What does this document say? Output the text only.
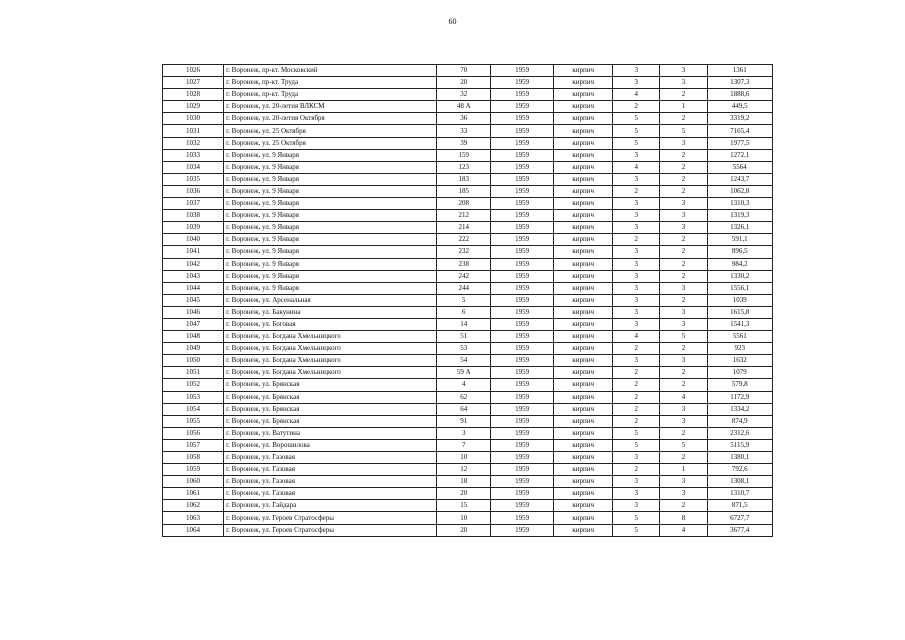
60
1026	г. Воронеж, пр-кт. Московский	70	1959	кирпич	3	3	1361
1027	г. Воронеж, пр-кт. Труда	20	1959	кирпич	3	3	1307,3
1028	г. Воронеж, пр-кт. Труда	32	1959	кирпич	4	2	1888,6
1029	г. Воронеж, ул. 20-летия ВЛКСМ	48 А	1959	кирпич	2	1	449,5
1030	г. Воронеж, ул. 20-летия Октября	36	1959	кирпич	5	2	3319,2
1031	г. Воронеж, ул. 25 Октября	33	1959	кирпич	5	5	7165,4
1032	г. Воронеж, ул. 25 Октября	39	1959	кирпич	5	3	1977,5
1033	г. Воронеж, ул. 9 Января	159	1959	кирпич	3	2	1272,1
1034	г. Воронеж, ул. 9 Января	123	1959	кирпич	4	2	5564
1035	г. Воронеж, ул. 9 Января	183	1959	кирпич	3	2	1243,7
1036	г. Воронеж, ул. 9 Января	185	1959	кирпич	2	2	1062,8
1037	г. Воронеж, ул. 9 Января	208	1959	кирпич	3	3	1310,3
1038	г. Воронеж, ул. 9 Января	212	1959	кирпич	3	3	1319,3
1039	г. Воронеж, ул. 9 Января	214	1959	кирпич	3	3	1326,1
1040	г. Воронеж, ул. 9 Января	222	1959	кирпич	2	2	591,1
1041	г. Воронеж, ул. 9 Января	232	1959	кирпич	3	2	896,5
1042	г. Воронеж, ул. 9 Января	238	1959	кирпич	3	2	984,2
1043	г. Воронеж, ул. 9 Января	242	1959	кирпич	3	2	1330,2
1044	г. Воронеж, ул. 9 Января	244	1959	кирпич	3	3	1556,1
1045	г. Воронеж, ул. Арсенальная	5	1959	кирпич	3	2	1039
1046	г. Воронеж, ул. Бакунина	6	1959	кирпич	3	3	1615,8
1047	г. Воронеж, ул. Боговая	14	1959	кирпич	3	3	1541,3
1048	г. Воронеж, ул. Богдана Хмельницкого	51	1959	кирпич	4	5	5561
1049	г. Воронеж, ул. Богдана Хмельницкого	53	1959	кирпич	2	2	923
1050	г. Воронеж, ул. Богдана Хмельницкого	54	1959	кирпич	3	3	1632
1051	г. Воронеж, ул. Богдана Хмельницкого	59 А	1959	кирпич	2	2	1079
1052	г. Воронеж, ул. Брянская	4	1959	кирпич	2	2	579,8
1053	г. Воронеж, ул. Брянская	62	1959	кирпич	2	4	1172,9
1054	г. Воронеж, ул. Брянская	64	1959	кирпич	2	3	1334,2
1055	г. Воронеж, ул. Брянская	91	1959	кирпич	2	3	874,9
1056	г. Воронеж, ул. Ватутина	3	1959	кирпич	5	2	2312,6
1057	г. Воронеж, ул. Ворошилова	7	1959	кирпич	5	5	5115,9
1058	г. Воронеж, ул. Газовая	10	1959	кирпич	3	2	1380,1
1059	г. Воронеж, ул. Газовая	12	1959	кирпич	2	1	792,6
1060	г. Воронеж, ул. Газовая	18	1959	кирпич	3	3	1308,1
1061	г. Воронеж, ул. Газовая	20	1959	кирпич	3	3	1310,7
1062	г. Воронеж, ул. Гайдара	15	1959	кирпич	3	2	871,5
1063	г. Воронеж, ул. Героев Стратосферы	10	1959	кирпич	5	8	6727,7
1064	г. Воронеж, ул. Героев Стратосферы	20	1959	кирпич	5	4	3677,4
